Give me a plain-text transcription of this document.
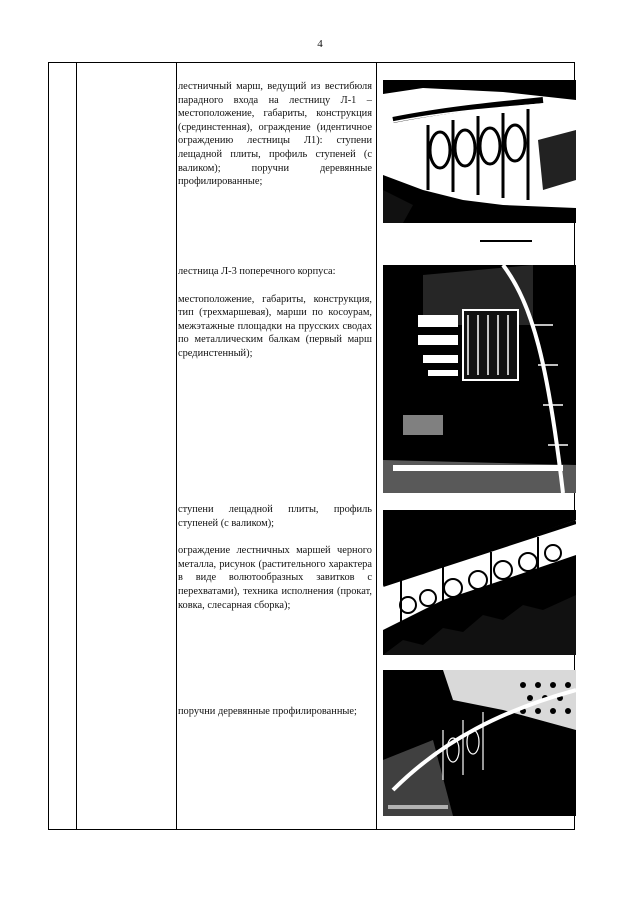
4

лестничный марш, ведущий из вестибюля парадного входа на лестницу Л-1 – местоположение, габариты, конструкция (срединстенная), ограждение (идентичное ограждению лестницы Л1): ступени лещадной плиты, профиль ступеней (с валиком); поручни деревянные профилированные;

лестница Л-3 поперечного корпуса:

местоположение, габариты, конструкция, тип (трехмаршевая), марши по косоурам, межэтажные площадки на прусских сводах по металлическим балкам (первый марш срединстенный);

ступени лещадной плиты, профиль ступеней (с валиком);

ограждение лестничных маршей черного металла, рисунок (растительного характера в виде волютообразных завитков с перехватами), техника исполнения (прокат, ковка, слесарная сборка);

поручни деревянные профилированные;
